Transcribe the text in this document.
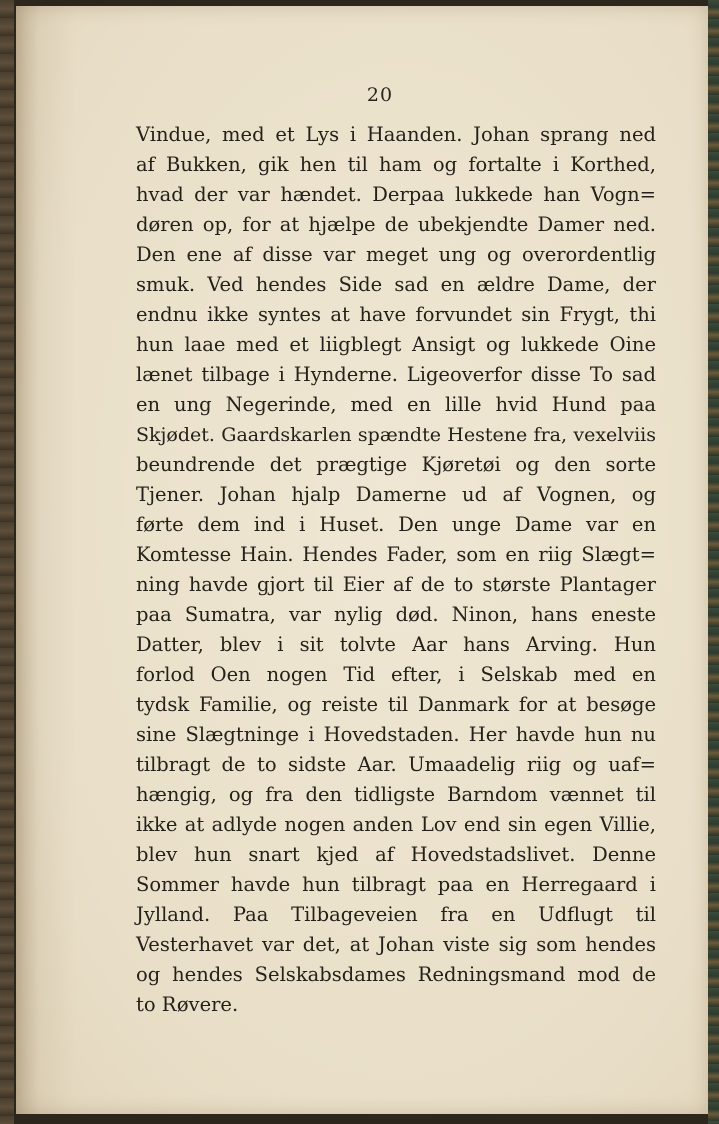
20
Vindue, med et Lys i Haanden. Johan sprang ned
af Bukken, gik hen til ham og fortalte i Korthed,
hvad der var hændet. Derpaa lukkede han Vogn=
døren op, for at hjælpe de ubekjendte Damer ned.
Den ene af disse var meget ung og overordentlig
smuk. Ved hendes Side sad en ældre Dame, der
endnu ikke syntes at have forvundet sin Frygt, thi
hun laae med et liigblegt Ansigt og lukkede Oine
lænet tilbage i Hynderne. Ligeoverfor disse To sad
en ung Negerinde, med en lille hvid Hund paa
Skjødet. Gaardskarlen spændte Hestene fra, vexelviis
beundrende det prægtige Kjøretøi og den sorte
Tjener. Johan hjalp Damerne ud af Vognen, og
førte dem ind i Huset. Den unge Dame var en
Komtesse Hain. Hendes Fader, som en riig Slægt=
ning havde gjort til Eier af de to største Plantager
paa Sumatra, var nylig død. Ninon, hans eneste
Datter, blev i sit tolvte Aar hans Arving. Hun
forlod Oen nogen Tid efter, i Selskab med en
tydsk Familie, og reiste til Danmark for at besøge
sine Slægtninge i Hovedstaden. Her havde hun nu
tilbragt de to sidste Aar. Umaadelig riig og uaf=
hængig, og fra den tidligste Barndom vænnet til
ikke at adlyde nogen anden Lov end sin egen Villie,
blev hun snart kjed af Hovedstadslivet. Denne
Sommer havde hun tilbragt paa en Herregaard i
Jylland. Paa Tilbageveien fra en Udflugt til
Vesterhavet var det, at Johan viste sig som hendes
og hendes Selskabsdames Redningsmand mod de
to Røvere.
